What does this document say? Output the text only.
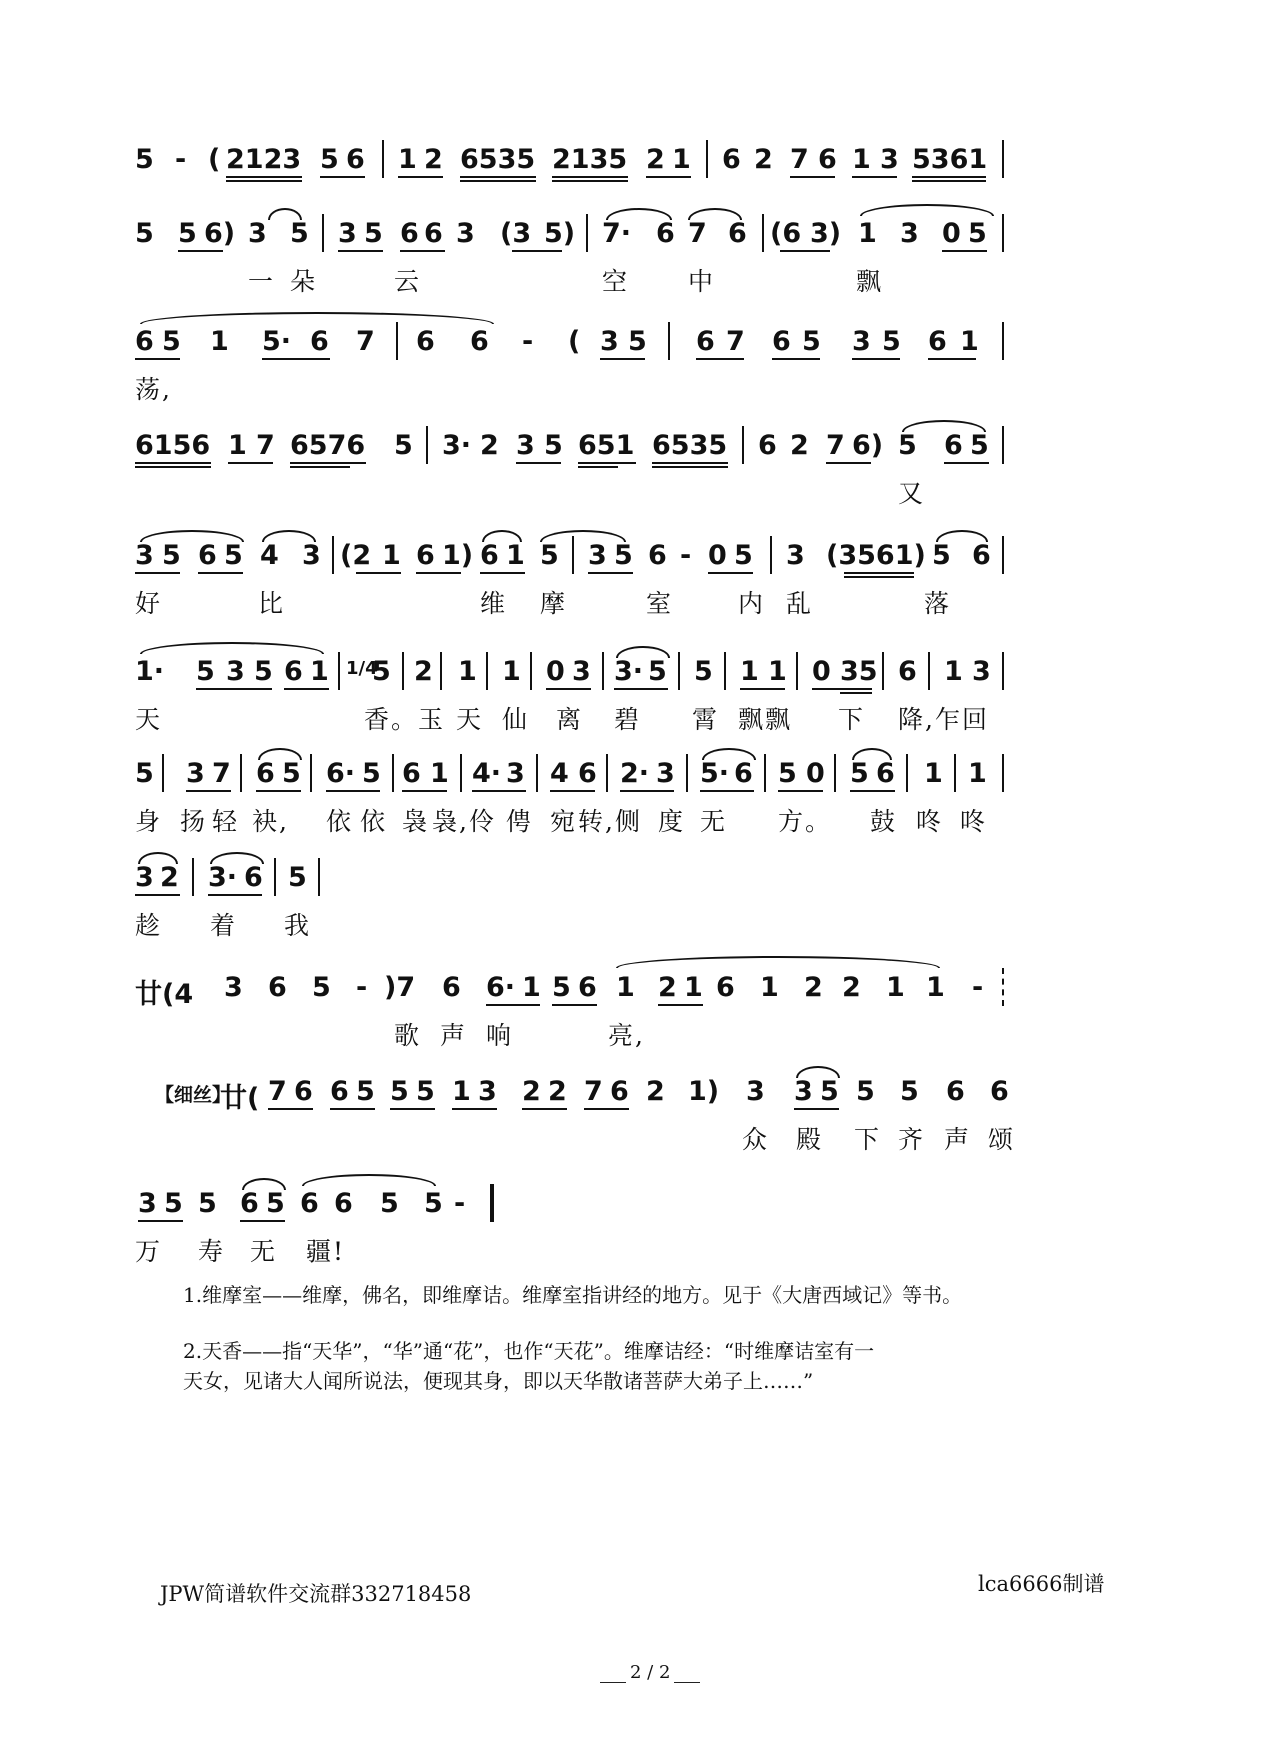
5 ‑ ( 2123 5 6 1 2 6535 2135 2 1 6 2 7 6 1 3 5361
5 5 6) 3 5 3 5 6 6 3 (3 5) 7· 6 7 6 (6 3) 1 3 0 5
一 朵	云	空 中	飘
6 5 1 5· 6 7 6 6 ‑ ( 3 5 6 7 6 5 3 5 6 1
荡,
6156 1 7 6576 5 3· 2 3 5 651 6535 6 2 7 6) 5 6 5
又
3 5 6 5 4 3 (2 1 6 1) 6 1 5 3 5 6 ‑ 0 5 3 (3561) 5 6
好	比	维 摩	室	内 乱	落
1· 5 3 5 6 1 1/4
5 2 1 1 0 3 3· 5 5 1 1 0 35 6 1 3
天	香。玉 天 仙 离 碧 霄 飘飘 下 降,乍回
5 3 7 6 5 6· 5 6 1 4· 3 4 6 2· 3 5· 6 5 0 5 6 1 1
身 扬 轻 袂, 依 依 袅 袅,伶 俜 宛 转,侧 度 无 方。 鼓 咚 咚
3 2 3· 6 5
趁 着 我
廿(4 3 6 5 ‑ )7 6 6· 1 5 6 1 2 1 6 1 2 2 1 1 ‑
歌 声 响	亮,
【细丝】
廿( 7 6 6 5 5 5 1 3 2 2 7 6 2 1) 3 3 5 5 5 6 6
众 殿 下 齐 声 颂
3 5 5 6 5 6 6 5 5 ‑
万 寿 无 疆!
1.维摩室——维摩，佛名，即维摩诘。维摩室指讲经的地方。见于《大唐西域记》等书。
2.天香——指“天华”，“华”通“花”，也作“天花”。维摩诘经：“时维摩诘室有一
天女，见诸大人闻所说法，便现其身，即以天华散诸菩萨大弟子上……”
JPW简谱软件交流群332718458	lca6666制谱
2 / 2
